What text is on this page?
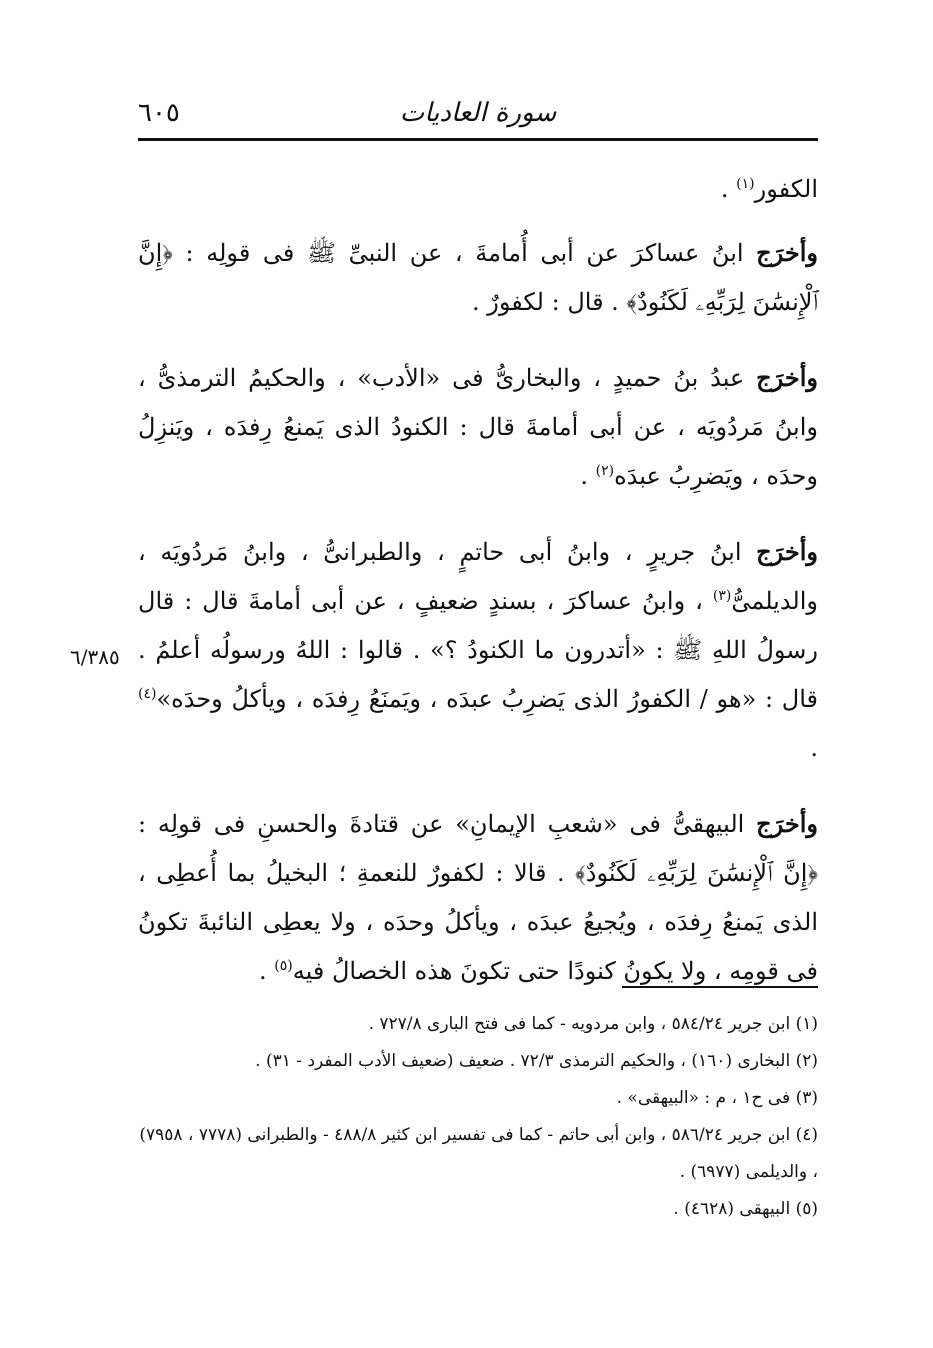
سورة العاديات
٦٠٥

الكفور$^{(١)}$ .

وأخرَج ابنُ عساكرَ عن أبى أُمامةَ ، عن النبىِّ ﷺ فى قولِه : ﴿إِنَّ ٱلْإِنسَٰنَ لِرَبِّهِۦ لَكَنُودٌ﴾ . قال : لكفورٌ .

وأخرَج عبدُ بنُ حميدٍ ، والبخارىُّ فى «الأدب» ، والحكيمُ الترمذىُّ ، وابنُ مَردُويَه ، عن أبى أمامةَ قال : الكنودُ الذى يَمنعُ رِفدَه ، ويَنزِلُ وحدَه ، ويَضرِبُ عبدَه$^{(٢)}$ .

وأخرَج ابنُ جريرٍ ، وابنُ أبى حاتمٍ ، والطبرانىُّ ، وابنُ مَردُويَه ، والديلمىُّ$^{(٣)}$ ، وابنُ عساكرَ ، بسندٍ ضعيفٍ ، عن أبى أمامةَ قال : قال رسولُ اللهِ ﷺ : «أتدرون ما الكنودُ ؟» . قالوا : اللهُ ورسولُه أعلمُ . قال : «هو / الكفورُ الذى يَضرِبُ عبدَه ، ويَمنَعُ رِفدَه ، ويأكلُ وحدَه»$^{(٤)}$ .

وأخرَج البيهقىُّ فى «شعبِ الإيمانِ» عن قتادةَ والحسنِ فى قولِه : ﴿إِنَّ ٱلْإِنسَٰنَ لِرَبِّهِۦ لَكَنُودٌ﴾ . قالا : لكفورٌ للنعمةِ ؛ البخيلُ بما أُعطِى ، الذى يَمنعُ رِفدَه ، ويُجيعُ عبدَه ، ويأكلُ وحدَه ، ولا يعطِى النائبةَ تكونُ فى قومِه ، ولا يكونُ كنودًا حتى تكونَ هذه الخصالُ فيه$^{(٥)}$ .

٦/٣٨٥
(١) ابن جرير ٥٨٤/٢٤ ، وابن مردويه - كما فى فتح البارى ٧٢٧/٨ .
(٢) البخارى (١٦٠) ، والحكيم الترمذى ٧٢/٣ . ضعيف (ضعيف الأدب المفرد - ٣١) .
(٣) فى ح١ ، م : «البيهقى» .
(٤) ابن جرير ٥٨٦/٢٤ ، وابن أبى حاتم - كما فى تفسير ابن كثير ٤٨٨/٨ - والطبرانى (٧٧٧٨ ، ٧٩٥٨) ، والديلمى (٦٩٧٧) .
(٥) البيهقى (٤٦٢٨) .
